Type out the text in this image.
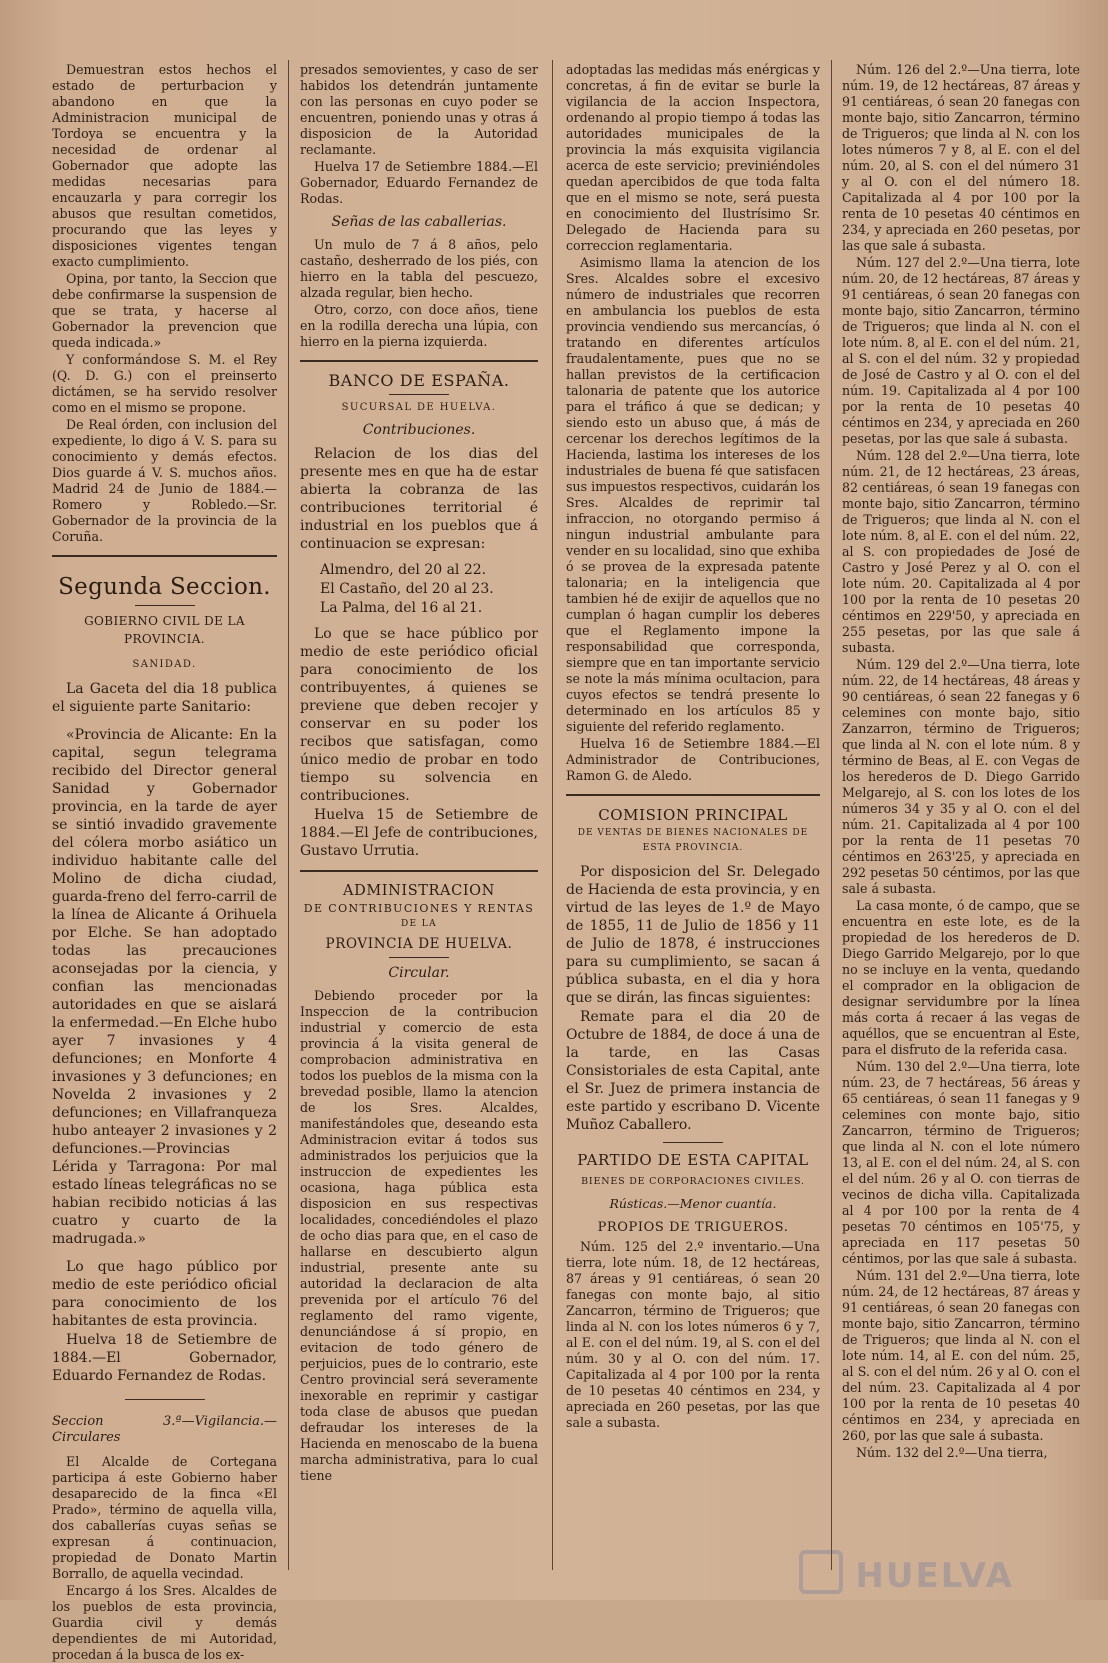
Demuestran estos hechos el estado de perturbacion y abandono en que la Administracion municipal de Tordoya se encuentra y la necesidad de ordenar al Gobernador que adopte las medidas necesarias para encauzarla y para corregir los abusos que resultan cometidos, procurando que las leyes y disposiciones vigentes tengan exacto cumplimiento.

Opina, por tanto, la Seccion que debe confirmarse la suspension de que se trata, y hacerse al Gobernador la prevencion que queda indicada.»

Y conformándose S. M. el Rey (Q. D. G.) con el preinserto dictámen, se ha servido resolver como en el mismo se propone.

De Real órden, con inclusion del expediente, lo digo á V. S. para su conocimiento y demás efectos. Dios guarde á V. S. muchos años. Madrid 24 de Junio de 1884.—Romero y Robledo.—Sr. Gobernador de la provincia de la Coruña.

Segunda Seccion.
GOBIERNO CIVIL DE LA PROVINCIA.
SANIDAD.

La Gaceta del dia 18 publica el siguiente parte Sanitario:

«Provincia de Alicante: En la capital, segun telegrama recibido del Director general Sanidad y Gobernador provincia, en la tarde de ayer se sintió invadido gravemente del cólera morbo asiático un individuo habitante calle del Molino de dicha ciudad, guarda-freno del ferro-carril de la línea de Alicante á Orihuela por Elche. Se han adoptado todas las precauciones aconsejadas por la ciencia, y confian las mencionadas autoridades en que se aislará la enfermedad.—En Elche hubo ayer 7 invasiones y 4 defunciones; en Monforte 4 invasiones y 3 defunciones; en Novelda 2 invasiones y 2 defunciones; en Villafranqueza hubo anteayer 2 invasiones y 2 defunciones.—Provincias Lérida y Tarragona: Por mal estado líneas telegráficas no se habian recibido noticias á las cuatro y cuarto de la madrugada.»

Lo que hago público por medio de este periódico oficial para conocimiento de los habitantes de esta provincia.

Huelva 18 de Setiembre de 1884.—El Gobernador, Eduardo Fernandez de Rodas.

Seccion 3.ª—Vigilancia.—Circulares

El Alcalde de Cortegana participa á este Gobierno haber desaparecido de la finca «El Prado», término de aquella villa, dos caballerías cuyas señas se expresan á continuacion, propiedad de Donato Martin Borrallo, de aquella vecindad.

Encargo á los Sres. Alcaldes de los pueblos de esta provincia, Guardia civil y demás dependientes de mi Autoridad, procedan á la busca de los ex-

presados semovientes, y caso de ser habidos los detendrán juntamente con las personas en cuyo poder se encuentren, poniendo unas y otras á disposicion de la Autoridad reclamante.

Huelva 17 de Setiembre 1884.—El Gobernador, Eduardo Fernandez de Rodas.

Señas de las caballerias.

Un mulo de 7 á 8 años, pelo castaño, desherrado de los piés, con hierro en la tabla del pescuezo, alzada regular, bien hecho.

Otro, corzo, con doce años, tiene en la rodilla derecha una lúpia, con hierro en la pierna izquierda.

BANCO DE ESPAÑA.
SUCURSAL DE HUELVA.
Contribuciones.

Relacion de los dias del presente mes en que ha de estar abierta la cobranza de las contribuciones territorial é industrial en los pueblos que á continuacion se expresan:

Almendro, del 20 al 22.

El Castaño, del 20 al 23.

La Palma, del 16 al 21.

Lo que se hace público por medio de este periódico oficial para conocimiento de los contribuyentes, á quienes se previene que deben recojer y conservar en su poder los recibos que satisfagan, como único medio de probar en todo tiempo su solvencia en contribuciones.

Huelva 15 de Setiembre de 1884.—El Jefe de contribuciones, Gustavo Urrutia.

ADMINISTRACION
DE CONTRIBUCIONES Y RENTAS
DE LA
PROVINCIA DE HUELVA.
Circular.

Debiendo proceder por la Inspeccion de la contribucion industrial y comercio de esta provincia á la visita general de comprobacion administrativa en todos los pueblos de la misma con la brevedad posible, llamo la atencion de los Sres. Alcaldes, manifestándoles que, deseando esta Administracion evitar á todos sus administrados los perjuicios que la instruccion de expedientes les ocasiona, haga pública esta disposicion en sus respectivas localidades, concediéndoles el plazo de ocho dias para que, en el caso de hallarse en descubierto algun industrial, presente ante su autoridad la declaracion de alta prevenida por el artículo 76 del reglamento del ramo vigente, denunciándose á sí propio, en evitacion de todo género de perjuicios, pues de lo contrario, este Centro provincial será severamente inexorable en reprimir y castigar toda clase de abusos que puedan defraudar los intereses de la Hacienda en menoscabo de la buena marcha administrativa, para lo cual tiene

adoptadas las medidas más enérgicas y concretas, á fin de evitar se burle la vigilancia de la accion Inspectora, ordenando al propio tiempo á todas las autoridades municipales de la provincia la más exquisita vigilancia acerca de este servicio; previniéndoles quedan apercibidos de que toda falta que en el mismo se note, será puesta en conocimiento del Ilustrísimo Sr. Delegado de Hacienda para su correccion reglamentaria.

Asimismo llama la atencion de los Sres. Alcaldes sobre el excesivo número de industriales que recorren en ambulancia los pueblos de esta provincia vendiendo sus mercancías, ó tratando en diferentes artículos fraudalentamente, pues que no se hallan previstos de la certificacion talonaria de patente que los autorice para el tráfico á que se dedican; y siendo esto un abuso que, á más de cercenar los derechos legítimos de la Hacienda, lastima los intereses de los industriales de buena fé que satisfacen sus impuestos respectivos, cuidarán los Sres. Alcaldes de reprimir tal infraccion, no otorgando permiso á ningun industrial ambulante para vender en su localidad, sino que exhiba ó se provea de la expresada patente talonaria; en la inteligencia que tambien hé de exijir de aquellos que no cumplan ó hagan cumplir los deberes que el Reglamento impone la responsabilidad que corresponda, siempre que en tan importante servicio se note la más mínima ocultacion, para cuyos efectos se tendrá presente lo determinado en los artículos 85 y siguiente del referido reglamento.

Huelva 16 de Setiembre 1884.—El Administrador de Contribuciones, Ramon G. de Aledo.

COMISION PRINCIPAL
DE VENTAS DE BIENES NACIONALES DE
ESTA PROVINCIA.

Por disposicion del Sr. Delegado de Hacienda de esta provincia, y en virtud de las leyes de 1.º de Mayo de 1855, 11 de Julio de 1856 y 11 de Julio de 1878, é instrucciones para su cumplimiento, se sacan á pública subasta, en el dia y hora que se dirán, las fincas siguientes:

Remate para el dia 20 de Octubre de 1884, de doce á una de la tarde, en las Casas Consistoriales de esta Capital, ante el Sr. Juez de primera instancia de este partido y escribano D. Vicente Muñoz Caballero.

PARTIDO DE ESTA CAPITAL
BIENES DE CORPORACIONES CIVILES.
Rústicas.—Menor cuantía.
PROPIOS DE TRIGUEROS.

Núm. 125 del 2.º inventario.—Una tierra, lote núm. 18, de 12 hectáreas, 87 áreas y 91 centiáreas, ó sean 20 fanegas con monte bajo, al sitio Zancarron, término de Trigueros; que linda al N. con los lotes números 6 y 7, al E. con el del núm. 19, al S. con el del núm. 30 y al O. con del núm. 17. Capitalizada al 4 por 100 por la renta de 10 pesetas 40 céntimos en 234, y apreciada en 260 pesetas, por las que sale a subasta.

Núm. 126 del 2.º—Una tierra, lote núm. 19, de 12 hectáreas, 87 áreas y 91 centiáreas, ó sean 20 fanegas con monte bajo, sitio Zancarron, término de Trigueros; que linda al N. con los lotes números 7 y 8, al E. con el del núm. 20, al S. con el del número 31 y al O. con el del número 18. Capitalizada al 4 por 100 por la renta de 10 pesetas 40 céntimos en 234, y apreciada en 260 pesetas, por las que sale á subasta.

Núm. 127 del 2.º—Una tierra, lote núm. 20, de 12 hectáreas, 87 áreas y 91 centiáreas, ó sean 20 fanegas con monte bajo, sitio Zancarron, término de Trigueros; que linda al N. con el lote núm. 8, al E. con el del núm. 21, al S. con el del núm. 32 y propiedad de José de Castro y al O. con el del núm. 19. Capitalizada al 4 por 100 por la renta de 10 pesetas 40 céntimos en 234, y apreciada en 260 pesetas, por las que sale á subasta.

Núm. 128 del 2.º—Una tierra, lote núm. 21, de 12 hectáreas, 23 áreas, 82 centiáreas, ó sean 19 fanegas con monte bajo, sitio Zancarron, término de Trigueros; que linda al N. con el lote núm. 8, al E. con el del núm. 22, al S. con propiedades de José de Castro y José Perez y al O. con el lote núm. 20. Capitalizada al 4 por 100 por la renta de 10 pesetas 20 céntimos en 229'50, y apreciada en 255 pesetas, por las que sale á subasta.

Núm. 129 del 2.º—Una tierra, lote núm. 22, de 14 hectáreas, 48 áreas y 90 centiáreas, ó sean 22 fanegas y 6 celemines con monte bajo, sitio Zanzarron, término de Trigueros; que linda al N. con el lote núm. 8 y término de Beas, al E. con Vegas de los herederos de D. Diego Garrido Melgarejo, al S. con los lotes de los números 34 y 35 y al O. con el del núm. 21. Capitalizada al 4 por 100 por la renta de 11 pesetas 70 céntimos en 263'25, y apreciada en 292 pesetas 50 céntimos, por las que sale á subasta.

La casa monte, ó de campo, que se encuentra en este lote, es de la propiedad de los herederos de D. Diego Garrido Melgarejo, por lo que no se incluye en la venta, quedando el comprador en la obligacion de designar servidumbre por la línea más corta á recaer á las vegas de aquéllos, que se encuentran al Este, para el disfruto de la referida casa.

Núm. 130 del 2.º—Una tierra, lote núm. 23, de 7 hectáreas, 56 áreas y 65 centiáreas, ó sean 11 fanegas y 9 celemines con monte bajo, sitio Zancarron, término de Trigueros; que linda al N. con el lote número 13, al E. con el del núm. 24, al S. con el del núm. 26 y al O. con tierras de vecinos de dicha villa. Capitalizada al 4 por 100 por la renta de 4 pesetas 70 céntimos en 105'75, y apreciada en 117 pesetas 50 céntimos, por las que sale á subasta.

Núm. 131 del 2.º—Una tierra, lote núm. 24, de 12 hectáreas, 87 áreas y 91 centiáreas, ó sean 20 fanegas con monte bajo, sitio Zancarron, término de Trigueros; que linda al N. con el lote núm. 14, al E. con del núm. 25, al S. con el del núm. 26 y al O. con el del núm. 23. Capitalizada al 4 por 100 por la renta de 10 pesetas 40 céntimos en 234, y apreciada en 260, por las que sale á subasta.

Núm. 132 del 2.º—Una tierra,

HUELVA
